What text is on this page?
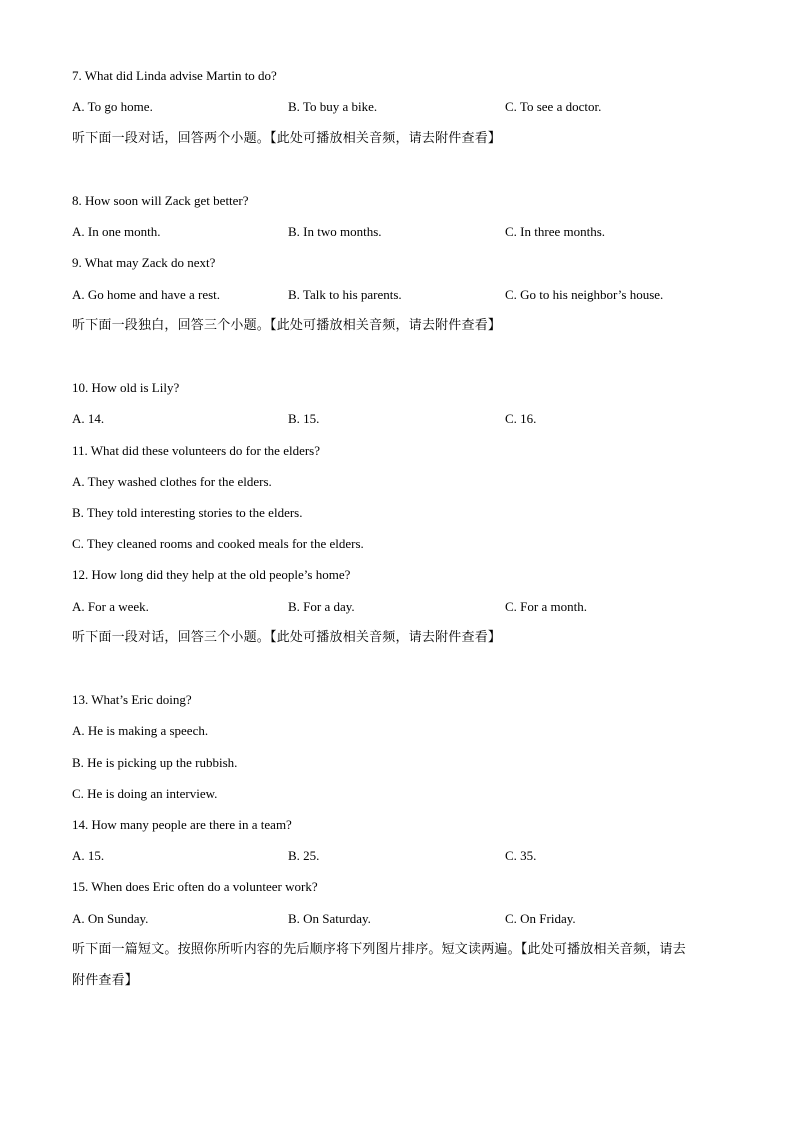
7. What did Linda advise Martin to do?
A. To go home.	B. To buy a bike.	C. To see a doctor.
听下面一段对话，回答两个小题。【此处可播放相关音频，请去附件查看】
8. How soon will Zack get better?
A. In one month.	B. In two months.	C. In three months.
9. What may Zack do next?
A. Go home and have a rest.	B. Talk to his parents.	C. Go to his neighbor’s house.
听下面一段独白，回答三个小题。【此处可播放相关音频，请去附件查看】
10. How old is Lily?
A. 14.	B. 15.	C. 16.
11. What did these volunteers do for the elders?
A. They washed clothes for the elders.
B. They told interesting stories to the elders.
C. They cleaned rooms and cooked meals for the elders.
12. How long did they help at the old people’s home?
A. For a week.	B. For a day.	C. For a month.
听下面一段对话，回答三个小题。【此处可播放相关音频，请去附件查看】
13. What’s Eric doing?
A. He is making a speech.
B. He is picking up the rubbish.
C. He is doing an interview.
14. How many people are there in a team?
A. 15.	B. 25.	C. 35.
15. When does Eric often do a volunteer work?
A. On Sunday.	B. On Saturday.	C. On Friday.
听下面一篇短文。按照你所听内容的先后顺序将下列图片排序。短文读两遍。【此处可播放相关音频，请去
附件查看】
